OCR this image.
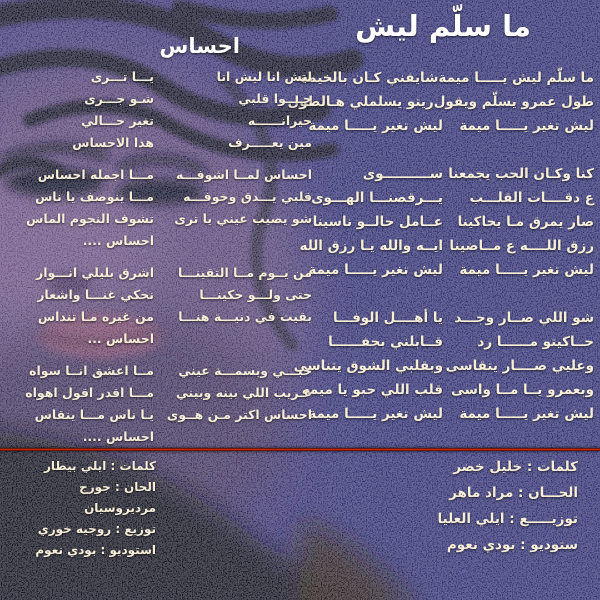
ما سلّم ليش
ما سلّم ليش يـــــا ميمة
شايفني كـان بالخيمة
طول عمرو يسلّم ويقول
ريتو يسلملي هـالطول
ليش تغير يـــــا ميمة
ليش تغير يـــــا ميمة
كنا وكـان الحب يجمعنا
ســــــــــوى
ع دقــــات القلـــب
يـــرقصنـــا الهـــوى
صار يمرق مـا يحاكينا
عــامل حالــو ناسينا
رزق اللــــه ع مــاضينا
ايــه والله يـا رزق الله
ليش تغير يـــــا ميمة
ليش تغير يـــــا ميمة
شو اللي صــار وجـــد
يا أهــــل الوفـــا
حــاكيتو مــــــا رد
قــابلني بجفــــــا
وعليي صــــار يتقاسى
وبقلبي الشوق يتناسى
وبعمرو يــا مــا واسى
قلب اللي حبو يا ميمه
ليش تغير يـــــا ميمة
ليش تغير يـــــا ميمة
احساس
ليش انا ليش انا
يـــا تـــرى
جــــوا قلبي
شـو جـــرى
حيرانــــــه
تغير حـــالي
مين يعـــــرف
هذا الاحساس
احساس لمــا اشوفـــه
مـــا اجمله احساس
قلبي يـــدق وخوفـــه
مـــا ينوصف يا ناس
شو يصيب عيني يا ترى
تشوف النجوم الماس
احساس ....
من يــوم مــا التقينـــا
اشرق بليلي انـــوار
حتى ولـــو حكينـــا
نحكي غنـــا واشعار
بقيت في دنيـــة هنـــا
من غيره مـا تنداس
احساس ...
حبـــي وبسمـــة عيني
مــا اعشق انــا سواه
غـريب اللي بينه وبيني
مـــا اقدر اقول اهواه
احساس اكتر مـن هــوى
يـا ناس مـــا ينقاس
احساس ....
كلمات : خليل خضر
الحـــان : مراد ماهر
توزيـــــع : ايلي العليا
ستوديو : بودي نعوم
كلمات : ايلي بيطار
الحان : جورج مرديروسيان
توزيع : روجيه خوري
استوديو : بودي نعوم
